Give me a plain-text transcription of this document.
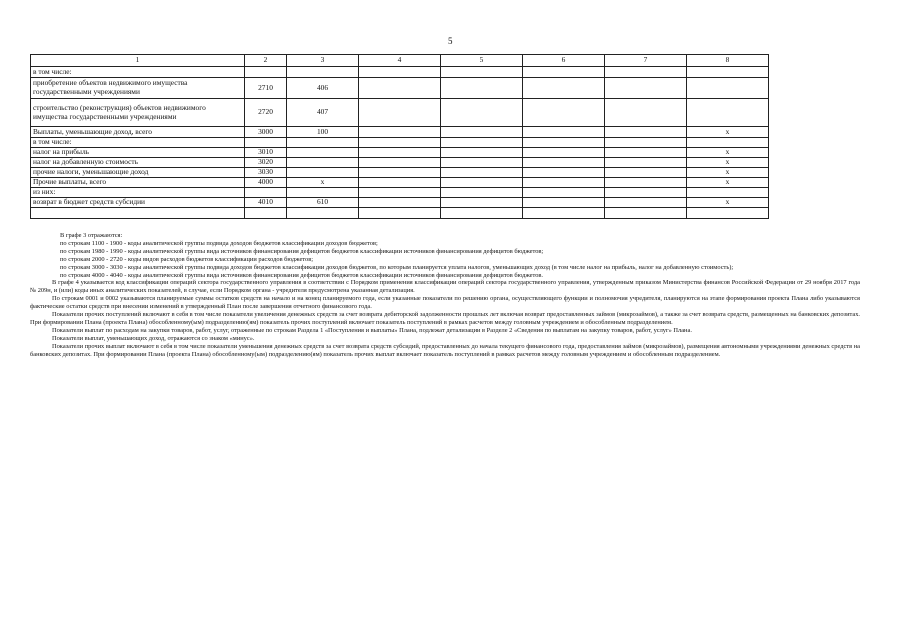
5
1	2	3	4	5	6	7	8
в том числе:							
приобретение объектов недвижимого имущества государственными учреждениями	2710	406					
строительство (реконструкция) объектов недвижимого имущества государственными учреждениями	2720	407					
Выплаты, уменьшающие доход, всего	3000	100					x
в том числе:							
налог на прибыль	3010						x
налог на добавленную стоимость	3020						x
прочие налоги, уменьшающие доход	3030						x
Прочие выплаты, всего	4000	x					x
из них:							
возврат в бюджет средств субсидии	4010	610					x

В графе 3 отражаются:

по строкам 1100 - 1900 - коды аналитической группы подвида доходов бюджетов классификации доходов бюджетов;

по строкам 1980 - 1990 - коды аналитической группы вида источников финансирования дефицитов бюджетов классификации источников финансирования дефицитов бюджетов;

по строкам 2000 - 2720 - коды видов расходов бюджетов классификации расходов бюджетов;

по строкам 3000 - 3030 - коды аналитической группы подвида доходов бюджетов классификации доходов бюджетов, по которым планируется уплата налогов, уменьшающих доход (в том числе налог на прибыль, налог на добавленную стоимость);

по строкам 4000 - 4040 - коды аналитической группы вида источников финансирования дефицитов бюджетов классификации источников финансирования дефицитов бюджетов.

В графе 4 указывается код классификации операций сектора государственного управления в соответствии с Порядком применения классификации операций сектора государственного управления, утвержденным приказом Министерства финансов Российской Федерации от 29 ноября 2017 года № 209н, и (или) коды иных аналитических показателей, в случае, если Порядком органа - учредителя предусмотрена указанная детализация.

По строкам 0001 и 0002 указываются планируемые суммы остатков средств на начало и на конец планируемого года, если указанные показатели по решению органа, осуществляющего функции и полномочия учредителя, планируются на этапе формирования проекта Плана либо указываются фактические остатки средств при внесении изменений в утвержденный План после завершения отчетного финансового года.

Показатели прочих поступлений включают в себя в том числе показатели увеличения денежных средств за счет возврата дебиторской задолженности прошлых лет включая возврат предоставленных займов (микрозаймов), а также за счет возврата средств, размещенных на банковских депозитах. При формировании Плана (проекта Плана) обособленному(ым) подразделению(ям) показатель прочих поступлений включает показатель поступлений в рамках расчетов между головным учреждением и обособленным подразделением.

Показатели выплат по расходам на закупки товаров, работ, услуг, отраженные по строкам Раздела 1 «Поступления и выплаты» Плана, подлежат детализации в Разделе 2 «Сведения по выплатам на закупку товаров, работ, услуг» Плана.

Показатели выплат, уменьшающих доход, отражаются со знаком «минус».

Показатели прочих выплат включают в себя в том числе показатели уменьшения денежных средств за счет возврата средств субсидий, предоставленных до начала текущего финансового года, предоставления займов (микрозаймов), размещения автономными учреждениями денежных средств на банковских депозитах. При формировании Плана (проекта Плана) обособленному(ым) подразделению(ям) показатель прочих выплат включает показатель поступлений в рамках расчетов между головным учреждением и обособленным подразделением.
